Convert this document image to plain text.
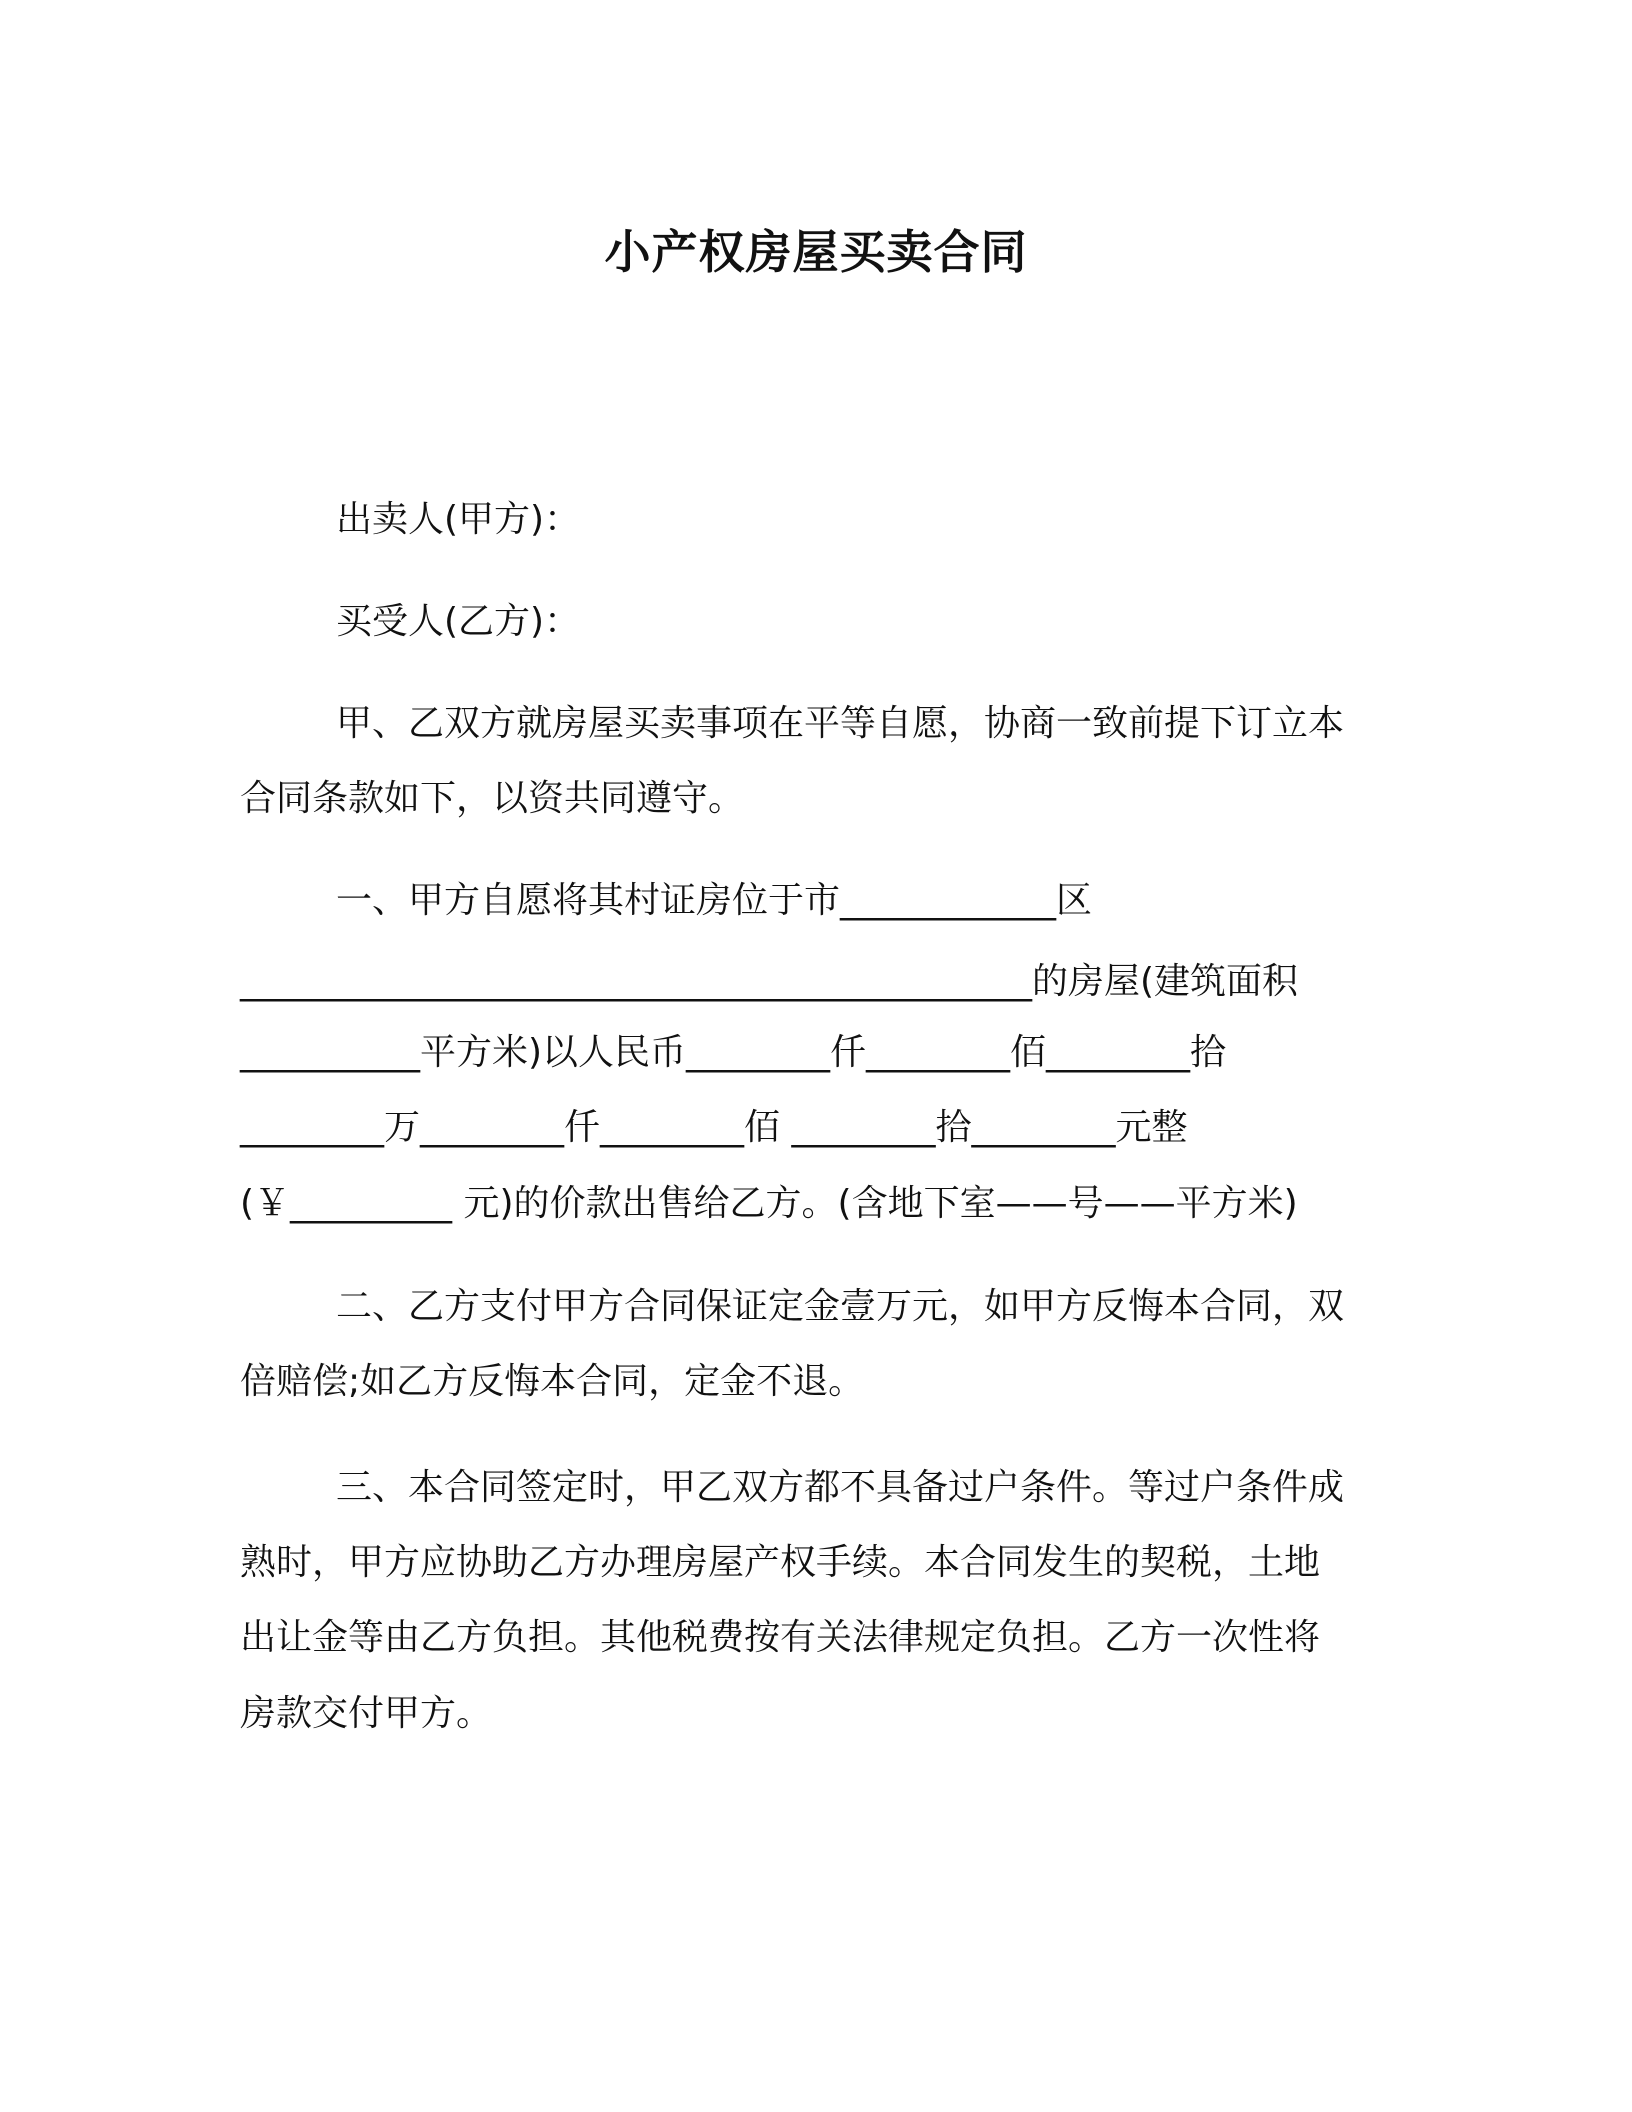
小产权房屋买卖合同
出卖人(甲方)：
买受人(乙方)：
甲、乙双方就房屋买卖事项在平等自愿，协商一致前提下订立本
合同条款如下，以资共同遵守。
一、甲方自愿将其村证房位于市____________区
____________________________________________的房屋(建筑面积
__________平方米)以人民币________仟________佰________拾
________万________仟________佰 ________拾________元整
(￥_________ 元)的价款出售给乙方。(含地下室——号——平方米)
二、乙方支付甲方合同保证定金壹万元，如甲方反悔本合同，双
倍赔偿;如乙方反悔本合同，定金不退。
三、本合同签定时，甲乙双方都不具备过户条件。等过户条件成
熟时，甲方应协助乙方办理房屋产权手续。本合同发生的契税，土地
出让金等由乙方负担。其他税费按有关法律规定负担。乙方一次性将
房款交付甲方。
